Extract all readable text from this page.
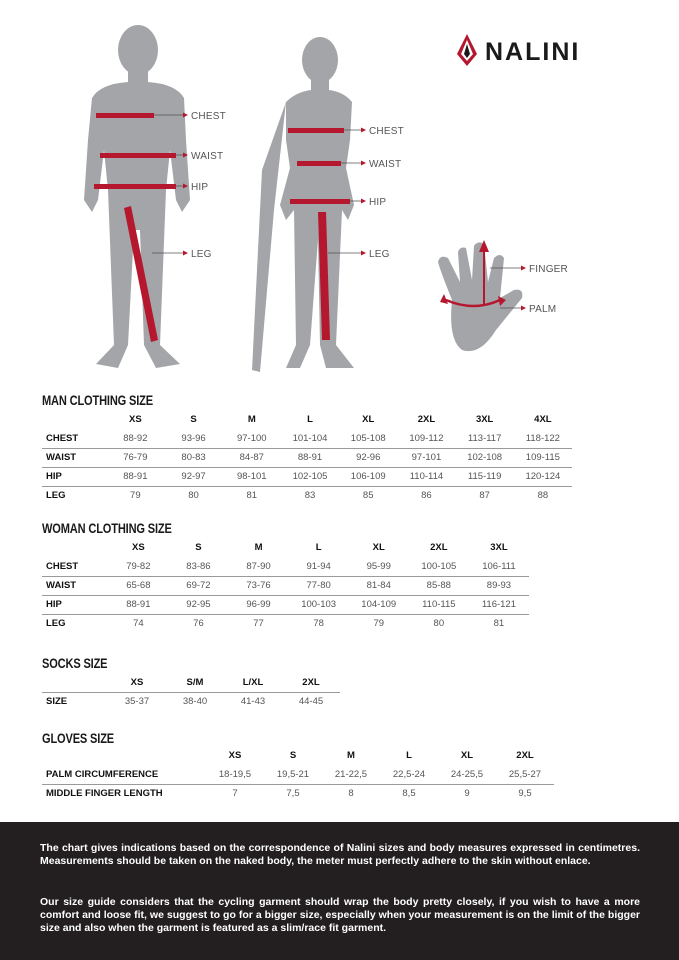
CHEST
WAIST
HIP
LEG
CHEST
WAIST
HIP
LEG
FINGER
PALM
NALINI
MAN CLOTHING SIZE
	XS	S	M	L	XL	2XL	3XL	4XL
CHEST	88-92	93-96	97-100	101-104	105-108	109-112	113-117	118-122
WAIST	76-79	80-83	84-87	88-91	92-96	97-101	102-108	109-115
HIP	88-91	92-97	98-101	102-105	106-109	110-114	115-119	120-124
LEG	79	80	81	83	85	86	87	88
WOMAN CLOTHING SIZE
	XS	S	M	L	XL	2XL	3XL
CHEST	79-82	83-86	87-90	91-94	95-99	100-105	106-111
WAIST	65-68	69-72	73-76	77-80	81-84	85-88	89-93
HIP	88-91	92-95	96-99	100-103	104-109	110-115	116-121
LEG	74	76	77	78	79	80	81
SOCKS SIZE
	XS	S/M	L/XL	2XL
SIZE	35-37	38-40	41-43	44-45
GLOVES SIZE
	XS	S	M	L	XL	2XL
PALM CIRCUMFERENCE	18-19,5	19,5-21	21-22,5	22,5-24	24-25,5	25,5-27
MIDDLE FINGER LENGTH	7	7,5	8	8,5	9	9,5

The chart gives indications based on the correspondence of Nalini sizes and body measures expressed in centimetres. Measurements should be taken on the naked body, the meter must perfectly adhere to the skin without enlace.

Our size guide considers that the cycling garment should wrap the body pretty closely, if you wish to have a more comfort and loose fit, we suggest to go for a bigger size, especially when your measurement is on the limit of the bigger size and also when the garment is featured as a slim/race fit garment.
